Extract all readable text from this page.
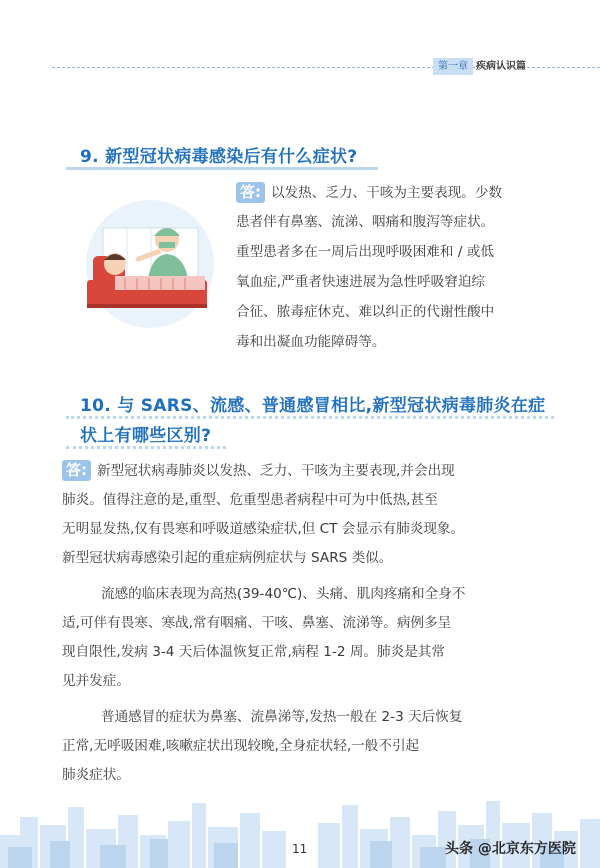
第一章 疾病认识篇
9. 新型冠状病毒感染后有什么症状?
答: 以发热、乏力、干咳为主要表现。少数
患者伴有鼻塞、流涕、咽痛和腹泻等症状。
重型患者多在一周后出现呼吸困难和 / 或低
氧血症,严重者快速进展为急性呼吸窘迫综
合征、脓毒症休克、难以纠正的代谢性酸中
毒和出凝血功能障碍等。
10. 与 SARS、流感、普通感冒相比,新型冠状病毒肺炎在症
状上有哪些区别?
答: 新型冠状病毒肺炎以发热、乏力、干咳为主要表现,并会出现
肺炎。值得注意的是,重型、危重型患者病程中可为中低热,甚至
无明显发热,仅有畏寒和呼吸道感染症状,但 CT 会显示有肺炎现象。
新型冠状病毒感染引起的重症病例症状与 SARS 类似。
流感的临床表现为高热(39-40℃)、头痛、肌肉疼痛和全身不
适,可伴有畏寒、寒战,常有咽痛、干咳、鼻塞、流涕等。病例多呈
现自限性,发病 3-4 天后体温恢复正常,病程 1-2 周。肺炎是其常
见并发症。
普通感冒的症状为鼻塞、流鼻涕等,发热一般在 2-3 天后恢复
正常,无呼吸困难,咳嗽症状出现较晚,全身症状轻,一般不引起
肺炎症状。
11	头条 @北京东方医院
